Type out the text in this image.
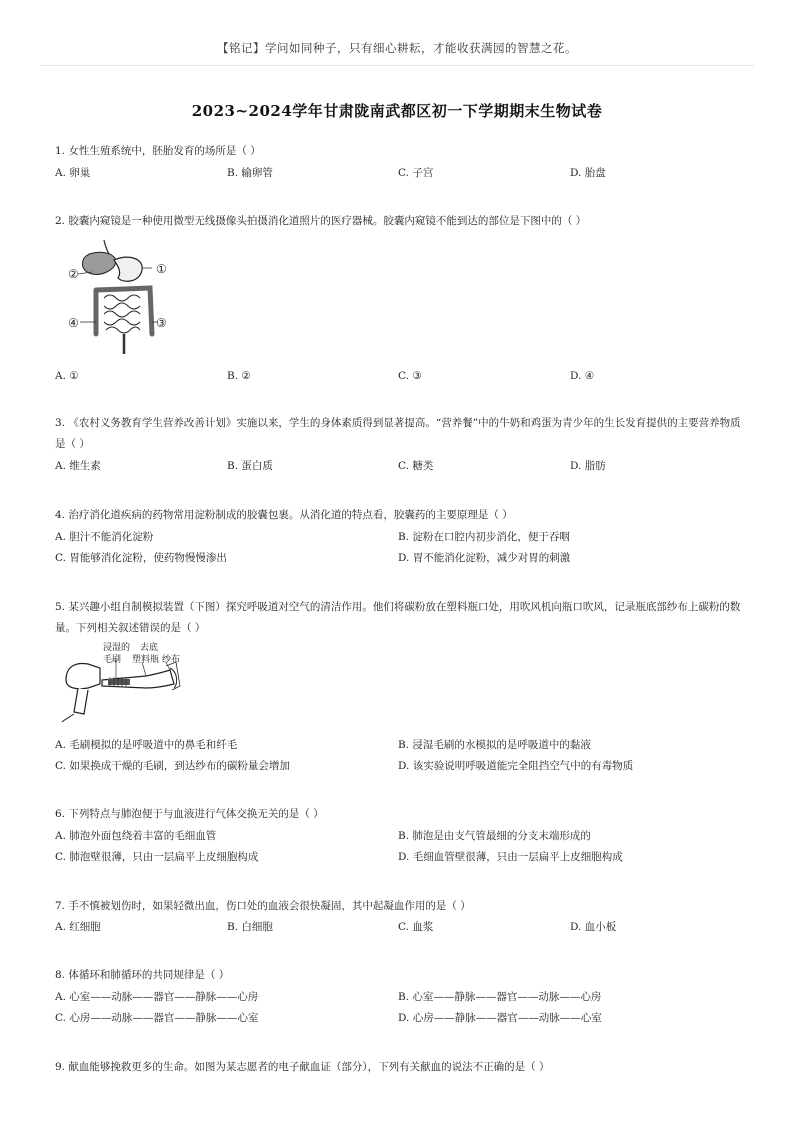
【铭记】学问如同种子，只有细心耕耘，才能收获满园的智慧之花。
2023~2024学年甘肃陇南武都区初一下学期期末生物试卷
1. 女性生殖系统中，胚胎发育的场所是（ ）
A. 卵巢	B. 输卵管	C. 子宫	D. 胎盘
2. 胶囊内窥镜是一种使用微型无线摄像头拍摄消化道照片的医疗器械。胶囊内窥镜不能到达的部位是下图中的（ ）
①
②
③
④
A. ①	B. ②	C. ③	D. ④
3. 《农村义务教育学生营养改善计划》实施以来，学生的身体素质得到显著提高。“营养餐”中的牛奶和鸡蛋为青少年的生长发育提供的主要营养物质是（ ）
A. 维生素	B. 蛋白质	C. 糖类	D. 脂肪
4. 治疗消化道疾病的药物常用淀粉制成的胶囊包裹。从消化道的特点看，胶囊药的主要原理是（ ）
A. 胆汁不能消化淀粉	B. 淀粉在口腔内初步消化，便于吞咽
C. 胃能够消化淀粉，使药物慢慢渗出	D. 胃不能消化淀粉，减少对胃的刺激
5. 某兴趣小组自制模拟装置（下图）探究呼吸道对空气的清洁作用。他们将碳粉放在塑料瓶口处，用吹风机向瓶口吹风，记录瓶底部纱布上碳粉的数量。下列相关叙述错误的是（ ）
浸湿的 去底
毛刷 塑料瓶 纱布
A. 毛刷模拟的是呼吸道中的鼻毛和纤毛	B. 浸湿毛刷的水模拟的是呼吸道中的黏液
C. 如果换成干燥的毛刷，到达纱布的碳粉量会增加	D. 该实验说明呼吸道能完全阻挡空气中的有毒物质
6. 下列特点与肺泡便于与血液进行气体交换无关的是（ ）
A. 肺泡外面包绕着丰富的毛细血管	B. 肺泡是由支气管最细的分支末端形成的
C. 肺泡壁很薄，只由一层扁平上皮细胞构成	D. 毛细血管壁很薄，只由一层扁平上皮细胞构成
7. 手不慎被划伤时，如果轻微出血，伤口处的血液会很快凝固，其中起凝血作用的是（ ）
A. 红细胞	B. 白细胞	C. 血浆	D. 血小板
8. 体循环和肺循环的共同规律是（ ）
A. 心室——动脉——器官——静脉——心房	B. 心室——静脉——器官——动脉——心房
C. 心房——动脉——器官——静脉——心室	D. 心房——静脉——器官——动脉——心室
9. 献血能够挽救更多的生命。如图为某志愿者的电子献血证（部分），下列有关献血的说法不正确的是（ ）
